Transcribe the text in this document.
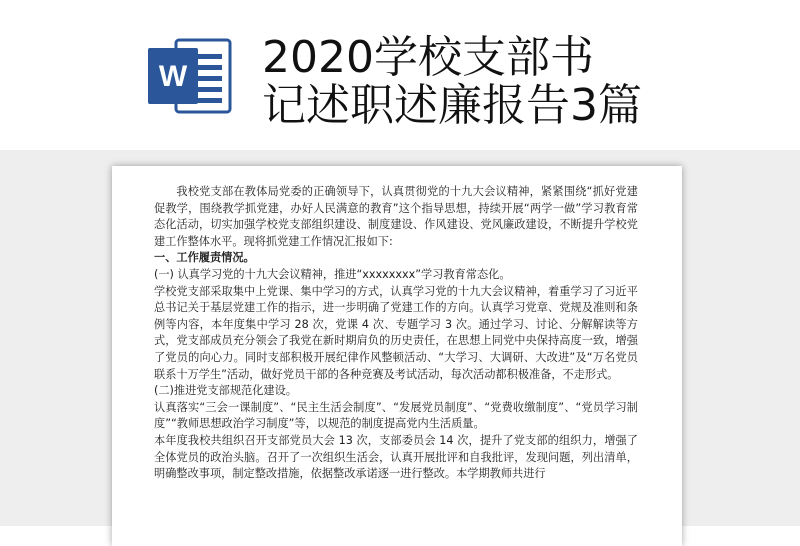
W 2020学校支部书
记述职述廉报告3篇

我校党支部在教体局党委的正确领导下，认真贯彻党的十九大会议精神，紧紧围绕“抓好党建促教学，围绕教学抓党建，办好人民满意的教育”这个指导思想，持续开展“两学一做”学习教育常态化活动，切实加强学校党支部组织建设、制度建设、作风建设、党风廉政建设，不断提升学校党建工作整体水平。现将抓党建工作情况汇报如下:

一、工作履责情况。

(一) 认真学习党的十九大会议精神，推进“xxxxxxxx”学习教育常态化。

学校党支部采取集中上党课、集中学习的方式，认真学习党的十九大会议精神，着重学习了习近平总书记关于基层党建工作的指示，进一步明确了党建工作的方向。认真学习党章、党规及准则和条例等内容，本年度集中学习 28 次，党课 4 次、专题学习 3 次。通过学习、讨论、分解解读等方式，党支部成员充分领会了我党在新时期肩负的历史责任，在思想上同党中央保持高度一致，增强了党员的向心力。同时支部积极开展纪律作风整顿活动、“大学习、大调研、大改进”及“万名党员联系十万学生”活动，做好党员干部的各种竞赛及考试活动，每次活动都积极准备，不走形式。

(二)推进党支部规范化建设。

认真落实“三会一课制度”、“民主生活会制度”、“发展党员制度”、“党费收缴制度”、“党员学习制度”“教师思想政治学习制度”等，以规范的制度提高党内生活质量。

本年度我校共组织召开支部党员大会 13 次，支部委员会 14 次，提升了党支部的组织力，增强了全体党员的政治头脑。召开了一次组织生活会，认真开展批评和自我批评，发现问题，列出清单，明确整改事项，制定整改措施，依据整改承诺逐一进行整改。本学期教师共进行
